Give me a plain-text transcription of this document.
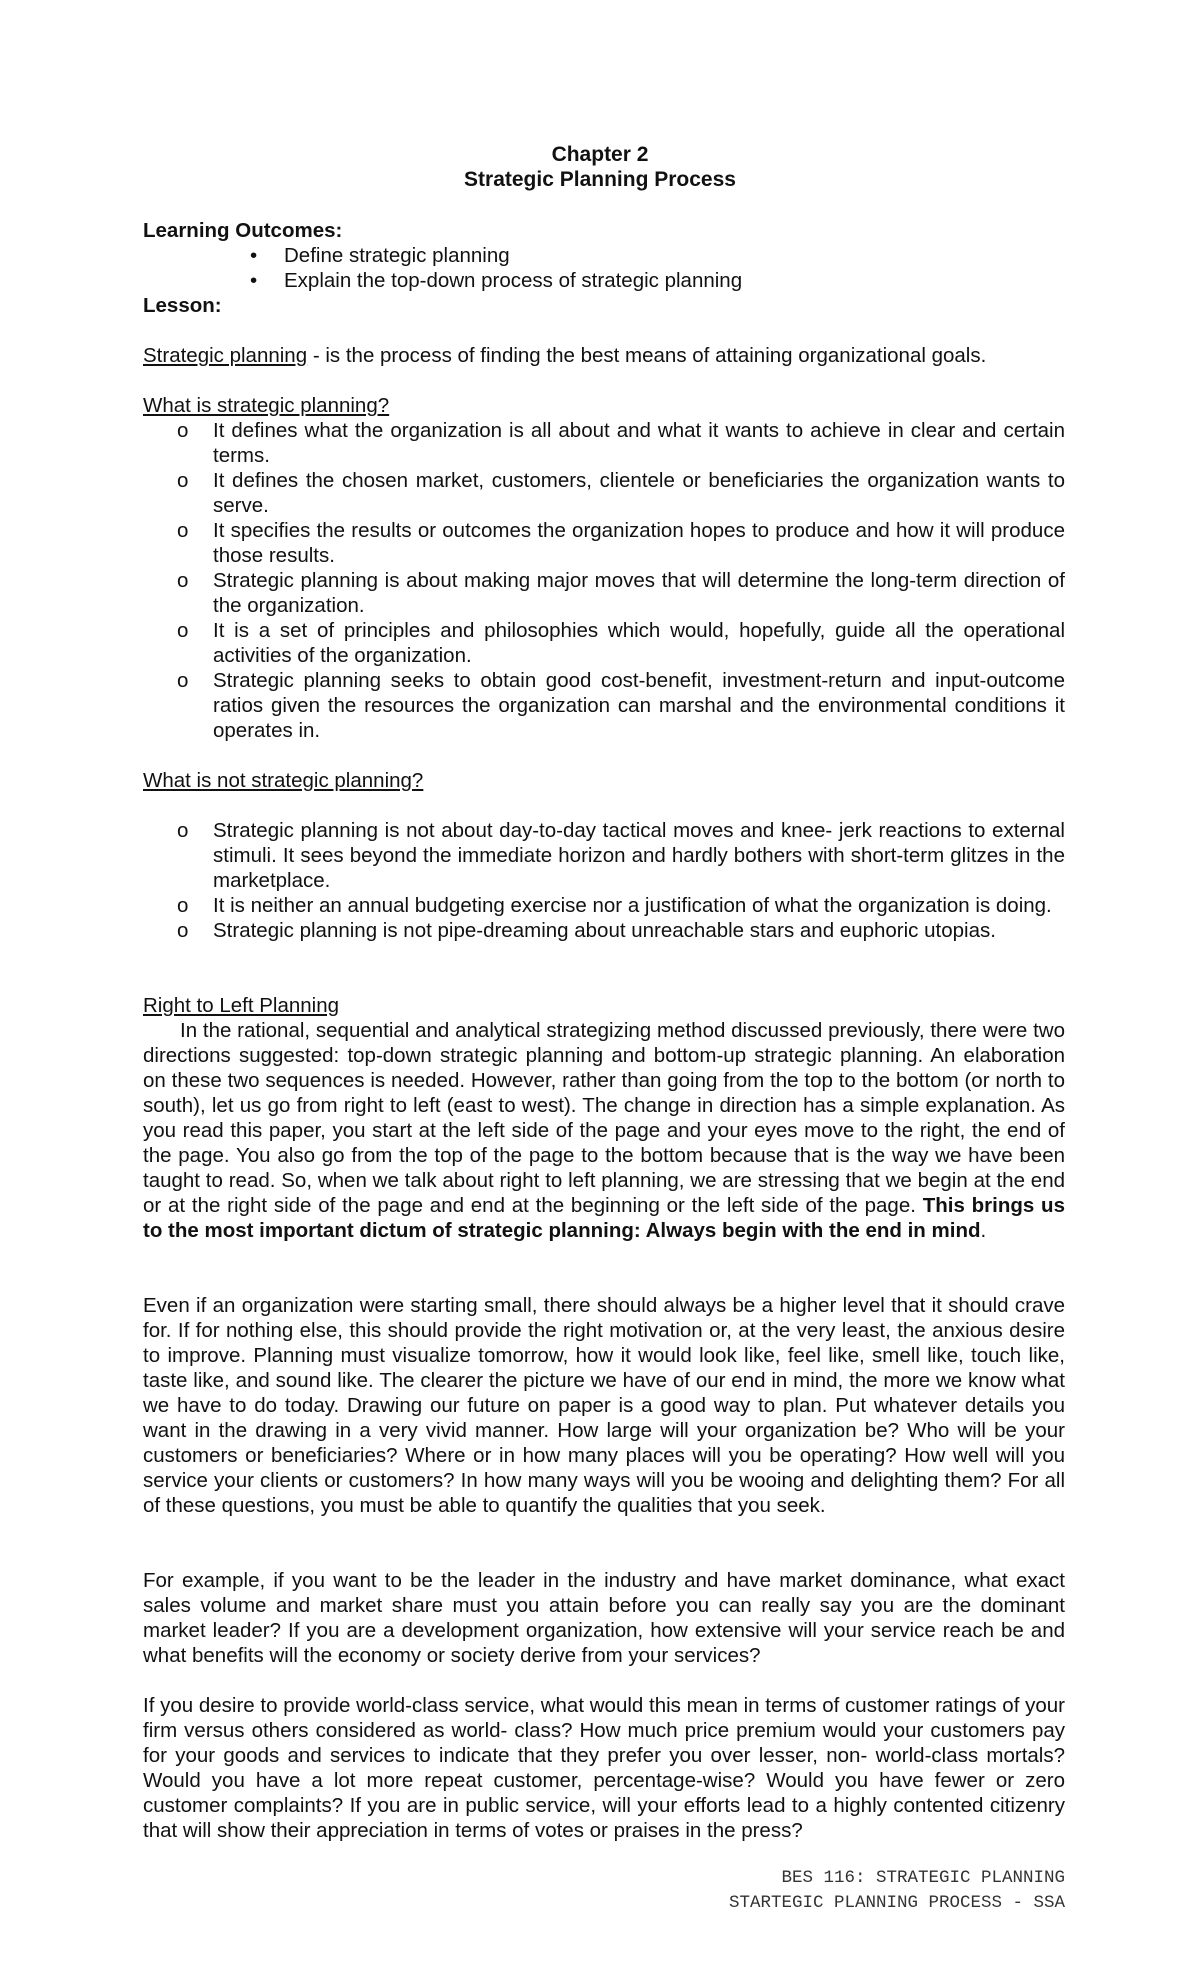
Chapter 2
Strategic Planning Process
Learning Outcomes:
•	Define strategic planning
•	Explain the top-down process of strategic planning
Lesson:
Strategic planning - is the process of finding the best means of attaining organizational goals.
What is strategic planning?
o It defines what the organization is all about and what it wants to achieve in clear and certain terms.
o It defines the chosen market, customers, clientele or beneficiaries the organization wants to serve.
o It specifies the results or outcomes the organization hopes to produce and how it will produce those results.
o Strategic planning is about making major moves that will determine the long-term direction of the organization.
o It is a set of principles and philosophies which would, hopefully, guide all the operational activities of the organization.
o Strategic planning seeks to obtain good cost-benefit, investment-return and input-outcome ratios given the resources the organization can marshal and the environmental conditions it operates in.
What is not strategic planning?
o Strategic planning is not about day-to-day tactical moves and knee- jerk reactions to external stimuli. It sees beyond the immediate horizon and hardly bothers with short-term glitzes in the marketplace.
o It is neither an annual budgeting exercise nor a justification of what the organization is doing.
o Strategic planning is not pipe-dreaming about unreachable stars and euphoric utopias.
Right to Left Planning
In the rational, sequential and analytical strategizing method discussed previously, there were two directions suggested: top-down strategic planning and bottom-up strategic planning. An elaboration on these two sequences is needed. However, rather than going from the top to the bottom (or north to south), let us go from right to left (east to west). The change in direction has a simple explanation. As you read this paper, you start at the left side of the page and your eyes move to the right, the end of the page. You also go from the top of the page to the bottom because that is the way we have been taught to read. So, when we talk about right to left planning, we are stressing that we begin at the end or at the right side of the page and end at the beginning or the left side of the page. This brings us to the most important dictum of strategic planning: Always begin with the end in mind.
Even if an organization were starting small, there should always be a higher level that it should crave for. If for nothing else, this should provide the right motivation or, at the very least, the anxious desire to improve. Planning must visualize tomorrow, how it would look like, feel like, smell like, touch like, taste like, and sound like. The clearer the picture we have of our end in mind, the more we know what we have to do today. Drawing our future on paper is a good way to plan. Put whatever details you want in the drawing in a very vivid manner. How large will your organization be? Who will be your customers or beneficiaries? Where or in how many places will you be operating? How well will you service your clients or customers? In how many ways will you be wooing and delighting them? For all of these questions, you must be able to quantify the qualities that you seek.
For example, if you want to be the leader in the industry and have market dominance, what exact sales volume and market share must you attain before you can really say you are the dominant market leader? If you are a development organization, how extensive will your service reach be and what benefits will the economy or society derive from your services?
If you desire to provide world-class service, what would this mean in terms of customer ratings of your firm versus others considered as world- class? How much price premium would your customers pay for your goods and services to indicate that they prefer you over lesser, non- world-class mortals? Would you have a lot more repeat customer, percentage-wise? Would you have fewer or zero customer complaints? If you are in public service, will your efforts lead to a highly contented citizenry that will show their appreciation in terms of votes or praises in the press?
BES 116: STRATEGIC PLANNING
STARTEGIC PLANNING PROCESS - SSA
